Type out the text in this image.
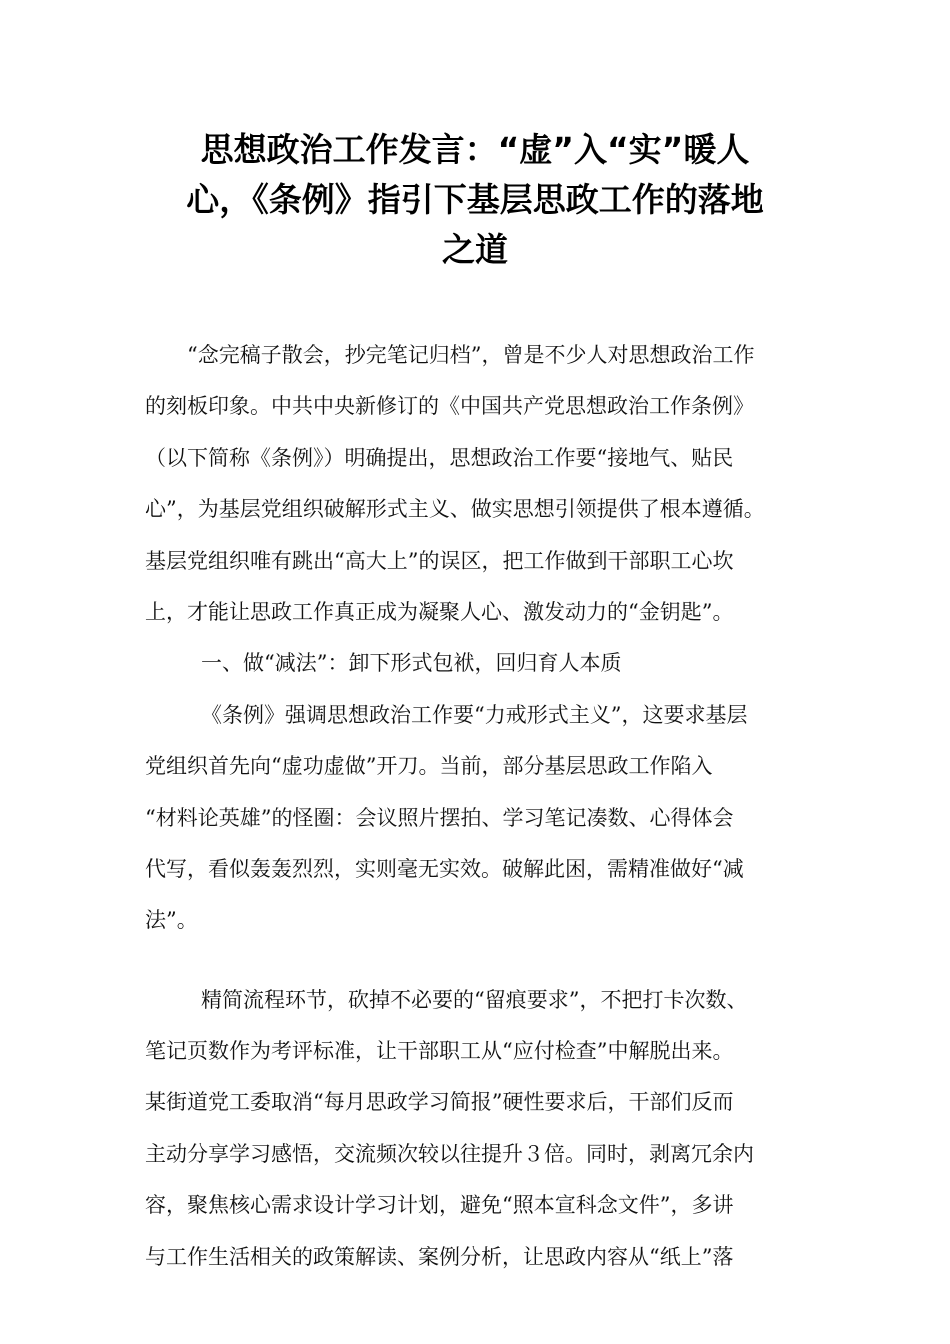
思想政治工作发言：“虚”入“实”暖人
心，《条例》指引下基层思政工作的落地
之道
“念完稿子散会，抄完笔记归档”，曾是不少人对思想政治工作
的刻板印象。中共中央新修订的《中国共产党思想政治工作条例》
（以下简称《条例》）明确提出，思想政治工作要“接地气、贴民
心”，为基层党组织破解形式主义、做实思想引领提供了根本遵循。
基层党组织唯有跳出“高大上”的误区，把工作做到干部职工心坎
上，才能让思政工作真正成为凝聚人心、激发动力的“金钥匙”。
一、做“减法”：卸下形式包袱，回归育人本质
《条例》强调思想政治工作要“力戒形式主义”，这要求基层
党组织首先向“虚功虚做”开刀。当前，部分基层思政工作陷入
“材料论英雄”的怪圈：会议照片摆拍、学习笔记凑数、心得体会
代写，看似轰轰烈烈，实则毫无实效。破解此困，需精准做好“减
法”。
精简流程环节，砍掉不必要的“留痕要求”，不把打卡次数、
笔记页数作为考评标准，让干部职工从“应付检查”中解脱出来。
某街道党工委取消“每月思政学习简报”硬性要求后，干部们反而
主动分享学习感悟，交流频次较以往提升３倍。同时，剥离冗余内
容，聚焦核心需求设计学习计划，避免“照本宣科念文件”，多讲
与工作生活相关的政策解读、案例分析，让思政内容从“纸上”落
